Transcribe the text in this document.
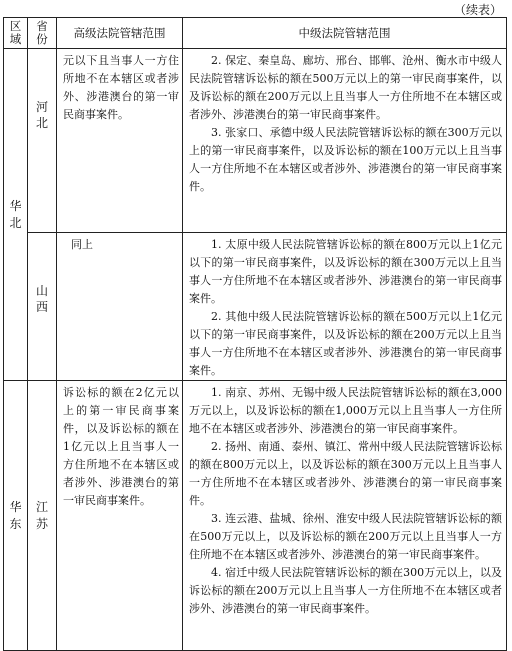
（续表）
区域	省份	高级法院管辖范围	中级法院管辖范围
华北	河北	元以下且当事人一方住所地不在本辖区或者涉外、涉港澳台的第一审民商事案件。	2. 保定、秦皇岛、廊坊、邢台、邯郸、沧州、衡水市中级人民法院管辖诉讼标的额在500万元以上的第一审民商事案件，以及诉讼标的额在200万元以上且当事人一方住所地不在本辖区或者涉外、涉港澳台的第一审民商事案件。

3. 张家口、承德中级人民法院管辖诉讼标的额在300万元以上的第一审民商事案件，以及诉讼标的额在100万元以上且当事人一方住所地不在本辖区或者涉外、涉港澳台的第一审民商事案件。

	山西	同上	1. 太原中级人民法院管辖诉讼标的额在800万元以上1亿元以下的第一审民商事案件，以及诉讼标的额在300万元以上且当事人一方住所地不在本辖区或者涉外、涉港澳台的第一审民商事案件。

2. 其他中级人民法院管辖诉讼标的额在500万元以上1亿元以下的第一审民商事案件，以及诉讼标的额在200万元以上且当事人一方住所地不在本辖区或者涉外、涉港澳台的第一审民商事案件。

华东	江苏	诉讼标的额在2亿元以上的第一审民商事案件，以及诉讼标的额在1亿元以上且当事人一方住所地不在本辖区或者涉外、涉港澳台的第一审民商事案件。	1. 南京、苏州、无锡中级人民法院管辖诉讼标的额在3,000万元以上，以及诉讼标的额在1,000万元以上且当事人一方住所地不在本辖区或者涉外、涉港澳台的第一审民商事案件。

2. 扬州、南通、泰州、镇江、常州中级人民法院管辖诉讼标的额在800万元以上，以及诉讼标的额在300万元以上且当事人一方住所地不在本辖区或者涉外、涉港澳台的第一审民商事案件。

3. 连云港、盐城、徐州、淮安中级人民法院管辖诉讼标的额在500万元以上，以及诉讼标的额在200万元以上且当事人一方住所地不在本辖区或者涉外、涉港澳台的第一审民商事案件。

4. 宿迁中级人民法院管辖诉讼标的额在300万元以上，以及诉讼标的额在200万元以上且当事人一方住所地不在本辖区或者涉外、涉港澳台的第一审民商事案件。
